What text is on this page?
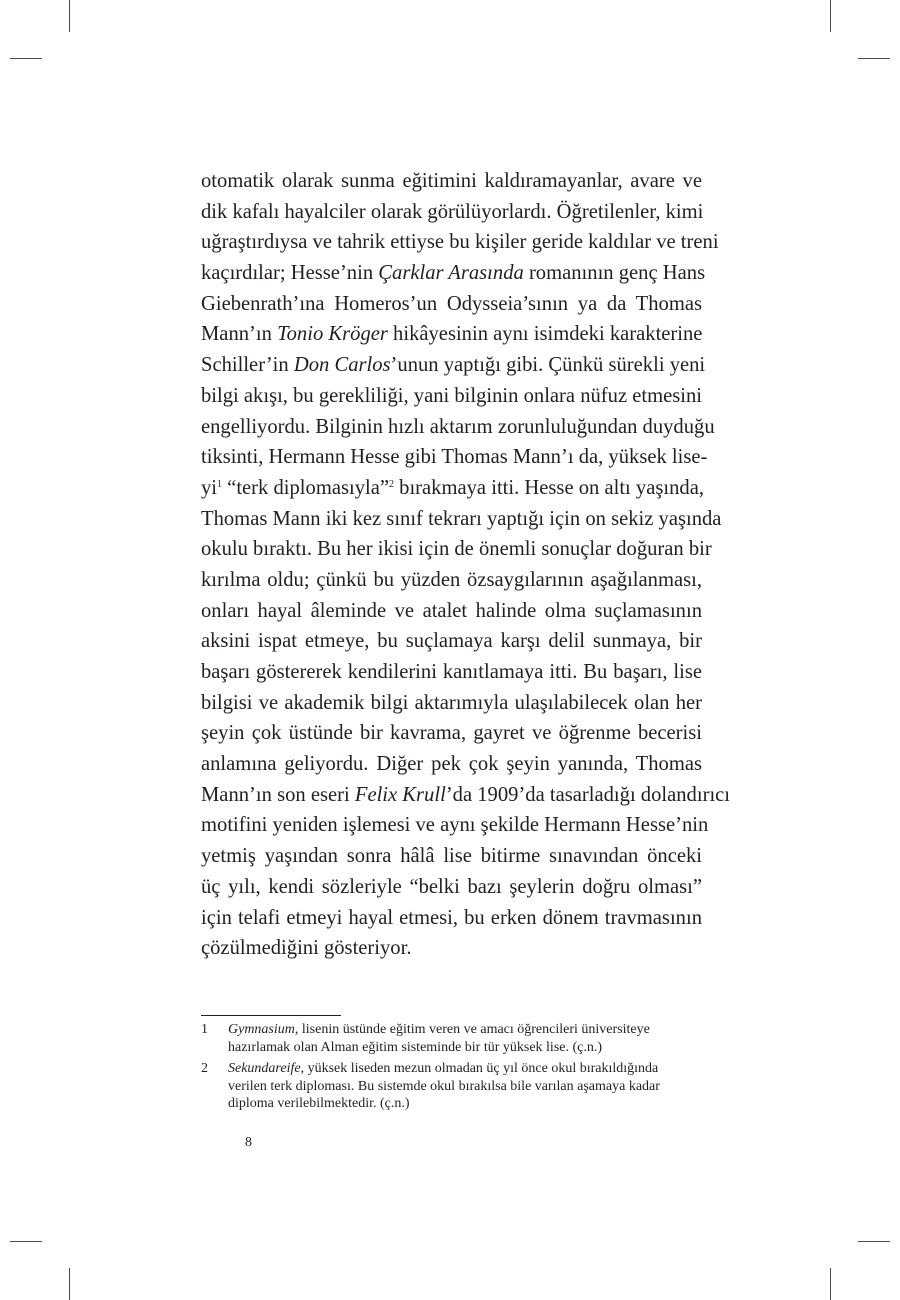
otomatik olarak sunma eğitimini kaldıramayanlar, avare ve
dik kafalı hayalciler olarak görülüyorlardı. Öğretilenler, kimi
uğraştırdıysa ve tahrik ettiyse bu kişiler geride kaldılar ve treni
kaçırdılar; Hesse’nin Çarklar Arasında romanının genç Hans
Giebenrath’ına Homeros’un Odysseia’sının ya da Thomas
Mann’ın Tonio Kröger hikâyesinin aynı isimdeki karakterine
Schiller’in Don Carlos’unun yaptığı gibi. Çünkü sürekli yeni
bilgi akışı, bu gerekliliği, yani bilginin onlara nüfuz etmesini
engelliyordu. Bilginin hızlı aktarım zorunluluğundan duyduğu
tiksinti, Hermann Hesse gibi Thomas Mann’ı da, yüksek lise-
$yi^1$ “terk diplomasıyla”$^2$ bırakmaya itti. Hesse on altı yaşında,
Thomas Mann iki kez sınıf tekrarı yaptığı için on sekiz yaşında
okulu bıraktı. Bu her ikisi için de önemli sonuçlar doğuran bir
kırılma oldu; çünkü bu yüzden özsaygılarının aşağılanması,
onları hayal âleminde ve atalet halinde olma suçlamasının
aksini ispat etmeye, bu suçlamaya karşı delil sunmaya, bir
başarı göstererek kendilerini kanıtlamaya itti. Bu başarı, lise
bilgisi ve akademik bilgi aktarımıyla ulaşılabilecek olan her
şeyin çok üstünde bir kavrama, gayret ve öğrenme becerisi
anlamına geliyordu. Diğer pek çok şeyin yanında, Thomas
Mann’ın son eseri Felix Krull’da 1909’da tasarladığı dolandırıcı
motifini yeniden işlemesi ve aynı şekilde Hermann Hesse’nin
yetmiş yaşından sonra hâlâ lise bitirme sınavından önceki
üç yılı, kendi sözleriyle “belki bazı şeylerin doğru olması”
için telafi etmeyi hayal etmesi, bu erken dönem travmasının
çözülmediğini gösteriyor.
1 Gymnasium, lisenin üstünde eğitim veren ve amacı öğrencileri üniversiteye
hazırlamak olan Alman eğitim sisteminde bir tür yüksek lise. (ç.n.)
2 Sekundareife, yüksek liseden mezun olmadan üç yıl önce okul bırakıldığında
verilen terk diploması. Bu sistemde okul bırakılsa bile varılan aşamaya kadar
diploma verilebilmektedir. (ç.n.)
8
